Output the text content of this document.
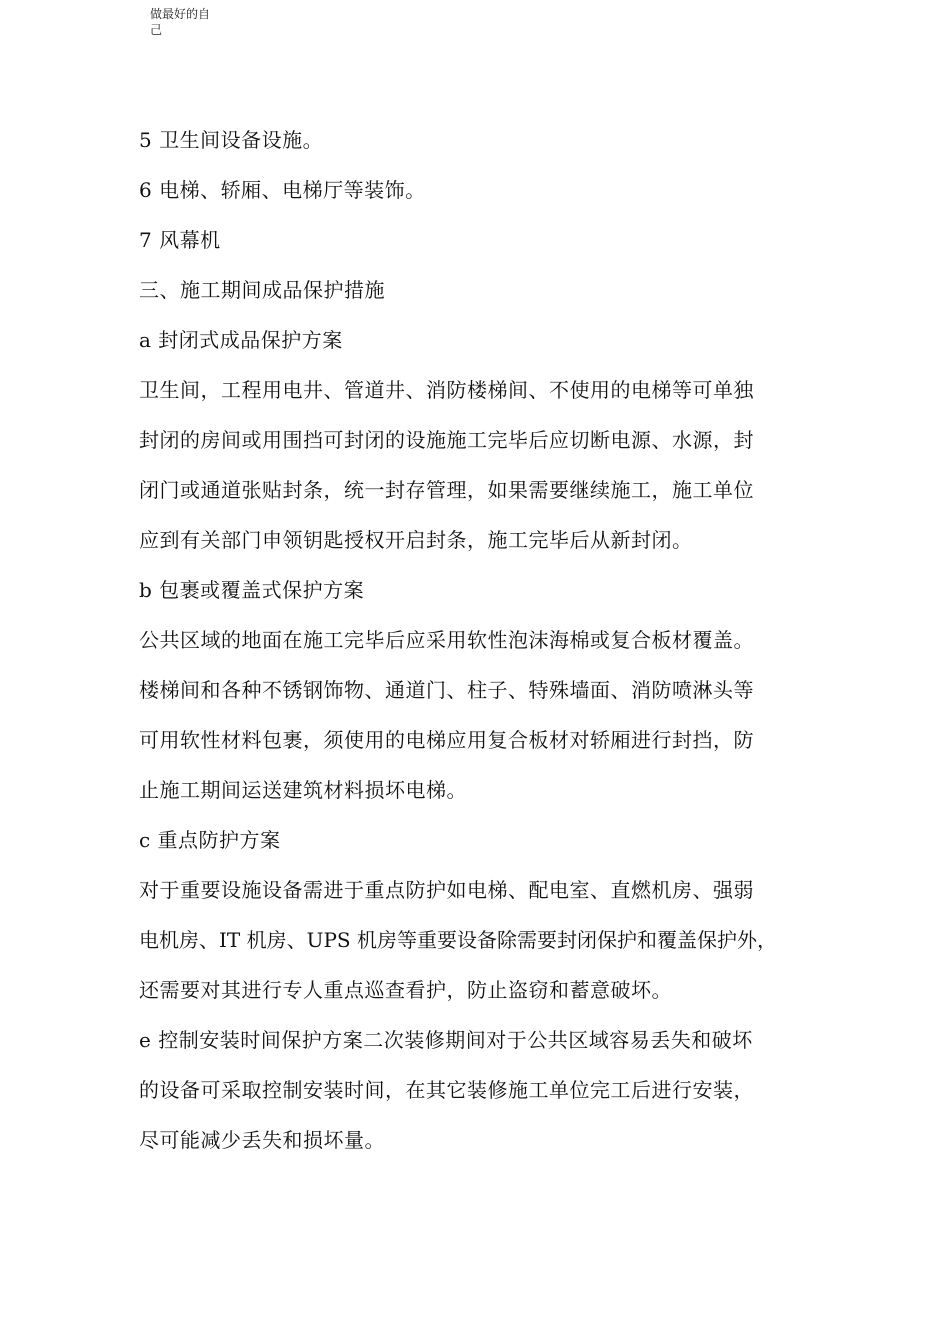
做最好的自
己
5 卫生间设备设施。
6 电梯、轿厢、电梯厅等装饰。
7 风幕机
三、施工期间成品保护措施
a 封闭式成品保护方案
卫生间，工程用电井、管道井、消防楼梯间、不使用的电梯等可单独
封闭的房间或用围挡可封闭的设施施工完毕后应切断电源、水源，封
闭门或通道张贴封条，统一封存管理，如果需要继续施工，施工单位
应到有关部门申领钥匙授权开启封条，施工完毕后从新封闭。
b 包裹或覆盖式保护方案
公共区域的地面在施工完毕后应采用软性泡沫海棉或复合板材覆盖。
楼梯间和各种不锈钢饰物、通道门、柱子、特殊墙面、消防喷淋头等
可用软性材料包裹，须使用的电梯应用复合板材对轿厢进行封挡，防
止施工期间运送建筑材料损坏电梯。
c 重点防护方案
对于重要设施设备需进于重点防护如电梯、配电室、直燃机房、强弱
电机房、IT 机房、UPS 机房等重要设备除需要封闭保护和覆盖保护外，
还需要对其进行专人重点巡查看护，防止盗窃和蓄意破坏。
e 控制安装时间保护方案二次装修期间对于公共区域容易丢失和破坏
的设备可采取控制安装时间，在其它装修施工单位完工后进行安装，
尽可能减少丢失和损坏量。
